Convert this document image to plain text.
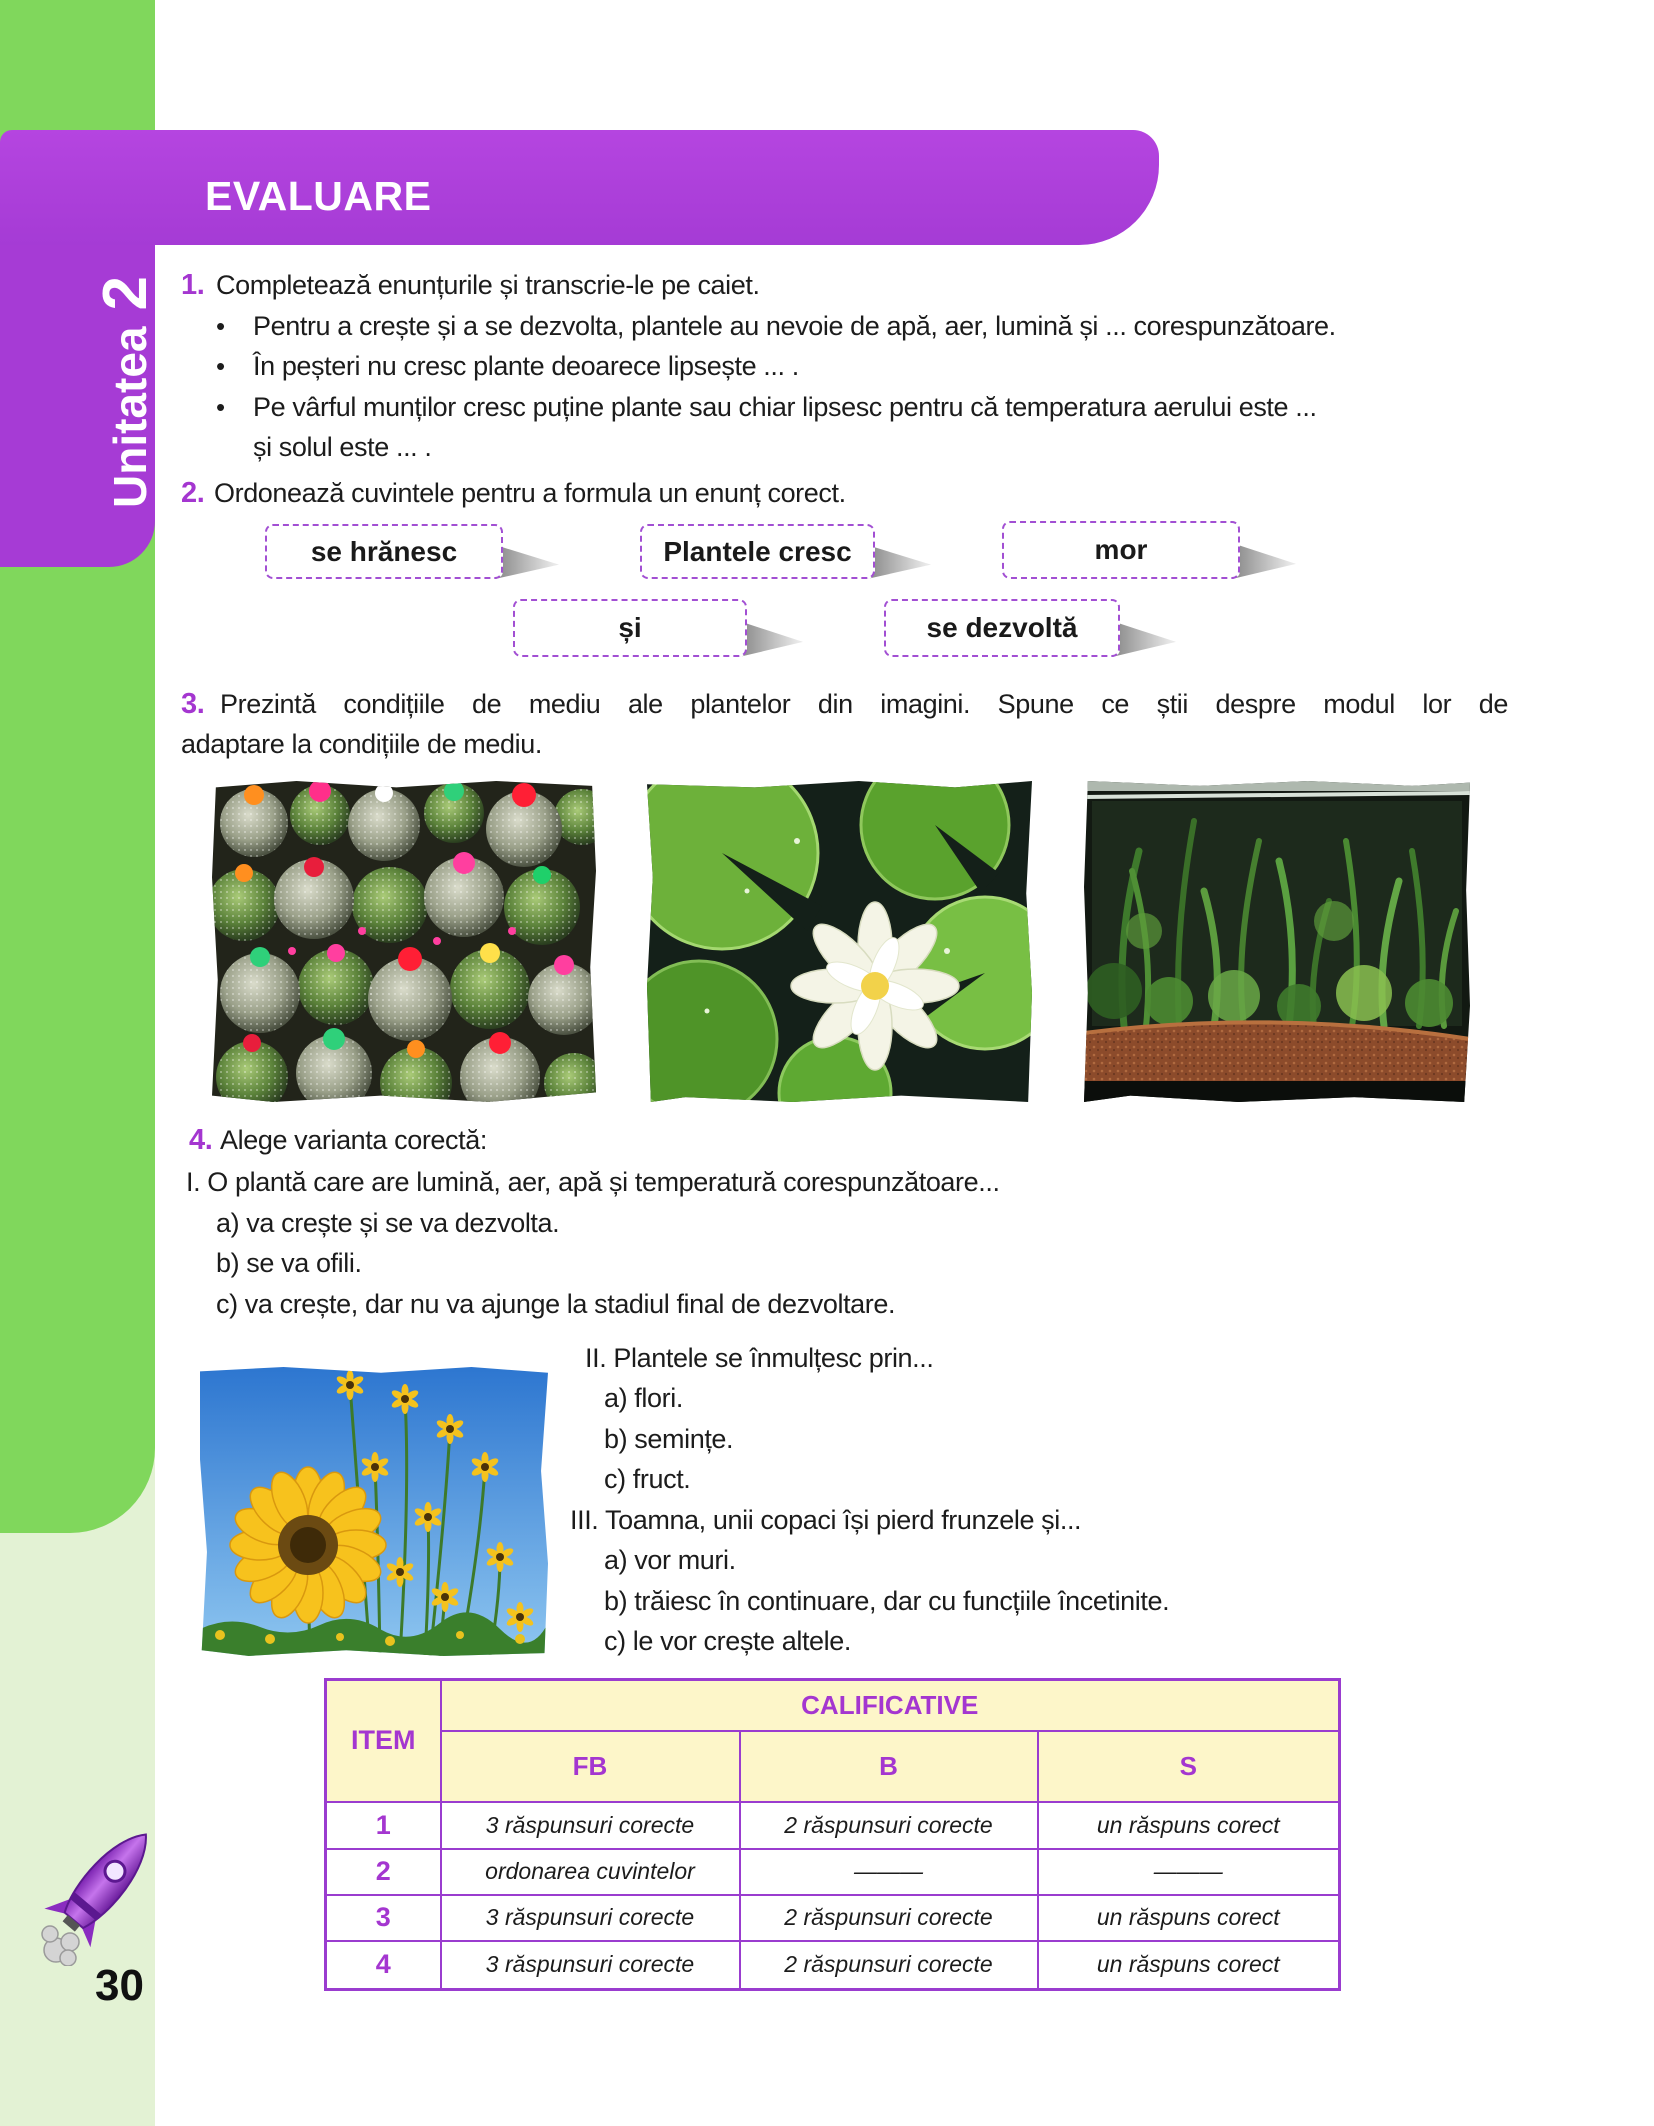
EVALUARE
Unitatea2 1. Completează enunțurile și transcrie-le pe caiet.
• Pentru a crește și a se dezvolta, plantele au nevoie de apă, aer, lumină și ... corespunzătoare.
• În peșteri nu cresc plante deoarece lipsește ... .
• Pe vârful munților cresc puține plante sau chiar lipsesc pentru că temperatura aerului este ...
și solul este ... .
2. Ordonează cuvintele pentru a formula un enunț corect.
se hrănesc	Plantele cresc	mor
și	se dezvoltă
3. Prezintă condițiile de mediu ale plantelor din imagini. Spune ce știi despre modul lor de
adaptare la condițiile de mediu.
4. Alege varianta corectă:
I. O plantă care are lumină, aer, apă și temperatură corespunzătoare...
a) va crește și se va dezvolta.
b) se va ofili.
c) va crește, dar nu va ajunge la stadiul final de dezvoltare.
II. Plantele se înmulțesc prin...
a) flori.
b) semințe.
c) fruct.
III. Toamna, unii copaci își pierd frunzele și...
a) vor muri.
b) trăiesc în continuare, dar cu funcțiile încetinite.
c) le vor crește altele.
ITEM	CALIFICATIVE		
	FB	B	S
1	3 răspunsuri corecte	2 răspunsuri corecte	un răspuns corect
2	ordonarea cuvintelor	———	———
3	3 răspunsuri corecte	2 răspunsuri corecte	un răspuns corect
4	3 răspunsuri corecte	2 răspunsuri corecte	un răspuns corect
30
